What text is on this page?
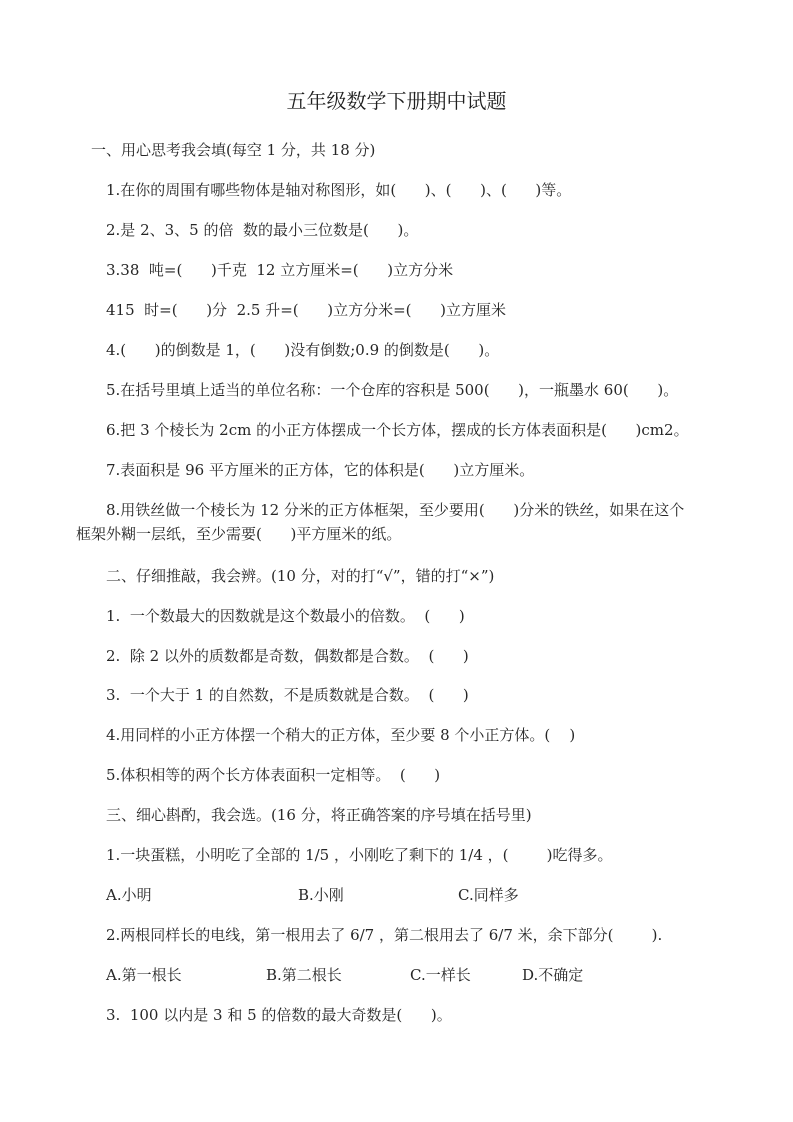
五年级数学下册期中试题
一、用心思考我会填(每空 1 分，共 18 分)
1.在你的周围有哪些物体是轴对称图形，如(      )、(      )、(      )等。
2.是 2、3、5 的倍  数的最小三位数是(      )。
3.38  吨=(      )千克  12 立方厘米=(      )立方分米
415  时=(      )分  2.5 升=(      )立方分米=(      )立方厘米
4.(      )的倒数是 1，(      )没有倒数;0.9 的倒数是(      )。
5.在括号里填上适当的单位名称：一个仓库的容积是 500(      )，一瓶墨水 60(      )。
6.把 3 个棱长为 2cm 的小正方体摆成一个长方体，摆成的长方体表面积是(      )cm2。
7.表面积是 96 平方厘米的正方体，它的体积是(      )立方厘米。
8.用铁丝做一个棱长为 12 分米的正方体框架，至少要用(      )分米的铁丝，如果在这个
框架外糊一层纸，至少需要(      )平方厘米的纸。
二、仔细推敲，我会辨。(10 分，对的打“√”，错的打“×”)
1.  一个数最大的因数就是这个数最小的倍数。  (      )
2.  除 2 以外的质数都是奇数，偶数都是合数。  (      )
3.  一个大于 1 的自然数，不是质数就是合数。  (      )
4.用同样的小正方体摆一个稍大的正方体，至少要 8 个小正方体。(    )
5.体积相等的两个长方体表面积一定相等。  (      )
三、细心斟酌，我会选。(16 分，将正确答案的序号填在括号里)
1.一块蛋糕，小明吃了全部的 1/5 ，小刚吃了剩下的 1/4 ，(        )吃得多。
A.小明	B.小刚	C.同样多
2.两根同样长的电线，第一根用去了 6/7 ，第二根用去了 6/7 米，余下部分(        ).
A.第一根长	B.第二根长	C.一样长	D.不确定
3.  100 以内是 3 和 5 的倍数的最大奇数是(      )。
